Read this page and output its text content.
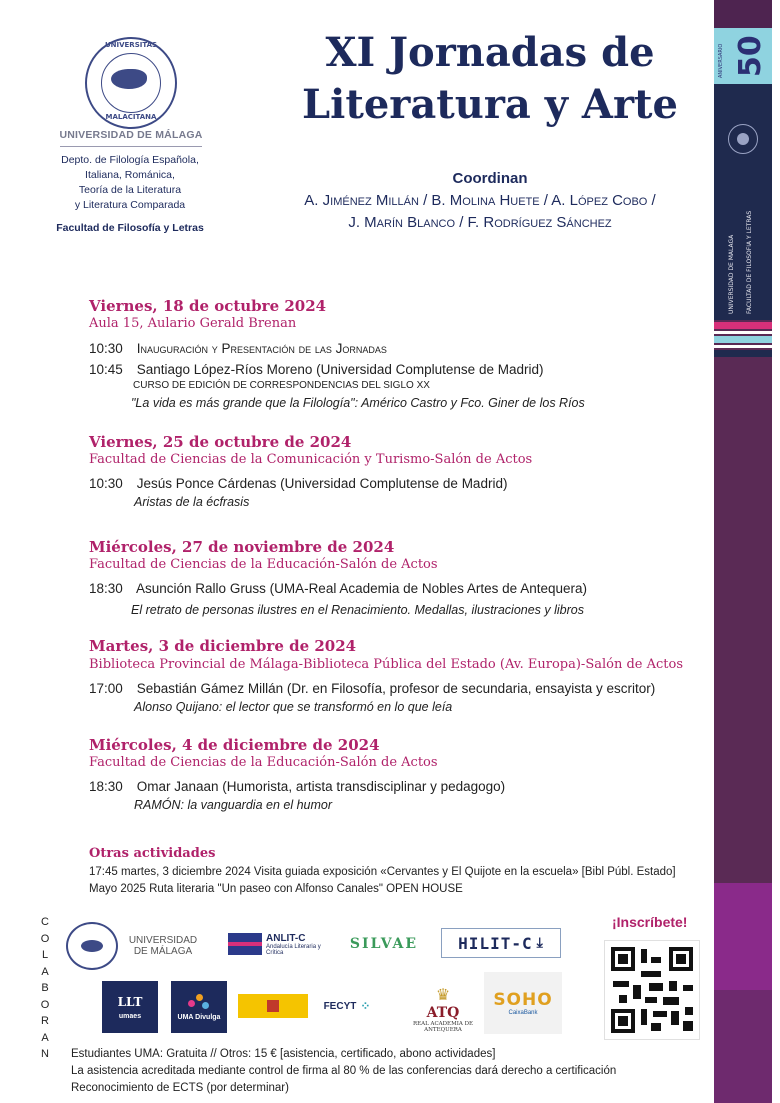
ANIVERSARIO 50
UNIVERSIDAD DE MÁLAGA	FACULTAD DE FILOSOFÍA Y LETRAS
UNIVERSITAS
MALACITANA
UNIVERSIDAD DE MÁLAGA
Depto. de Filología Española,
Italiana, Románica,
Teoría de la Literatura
y Literatura Comparada
Facultad de Filosofía y Letras
XI Jornadas de
Literatura y Arte
Coordinan
A. Jiménez Millán / B. Molina Huete / A. López Cobo /
J. Marín Blanco / F. Rodríguez Sánchez
Viernes, 18 de octubre 2024
Aula 15, Aulario Gerald Brenan
10:30 Inauguración y Presentación de las Jornadas
10:45 Santiago López-Ríos Moreno (Universidad Complutense de Madrid)
CURSO DE EDICIÓN DE CORRESPONDENCIAS DEL SIGLO XX
"La vida es más grande que la Filología": Américo Castro y Fco. Giner de los Ríos
Viernes, 25 de octubre de 2024
Facultad de Ciencias de la Comunicación y Turismo-Salón de Actos
10:30 Jesús Ponce Cárdenas (Universidad Complutense de Madrid)
Aristas de la écfrasis
Miércoles, 27 de noviembre de 2024
Facultad de Ciencias de la Educación-Salón de Actos
18:30 Asunción Rallo Gruss (UMA-Real Academia de Nobles Artes de Antequera)
El retrato de personas ilustres en el Renacimiento. Medallas, ilustraciones y libros
Martes, 3 de diciembre de 2024
Biblioteca Provincial de Málaga-Biblioteca Pública del Estado (Av. Europa)-Salón de Actos
17:00 Sebastián Gámez Millán (Dr. en Filosofía, profesor de secundaria, ensayista y escritor)
Alonso Quijano: el lector que se transformó en lo que leía
Miércoles, 4 de diciembre de 2024
Facultad de Ciencias de la Educación-Salón de Actos
18:30 Omar Janaan (Humorista, artista transdisciplinar y pedagogo)
RAMÓN: la vanguardia en el humor
Otras actividades
17:45 martes, 3 diciembre 2024 Visita guiada exposición «Cervantes y El Quijote en la escuela» [Bibl Públ. Estado]
Mayo 2025 Ruta literaria "Un paseo con Alfonso Canales" OPEN HOUSE
C
O
L
A
B
O
R
A
N
UNIVERSIDAD DE MÁLAGA
ANLIT-C
Andalucía Literaria y Crítica
SILVAE	HILIT-C ⤓
LLT
umaes	UMA Divulga
FECYT ⁘
♛
ATQ
REAL ACADEMIA DE ANTEQUERA
SOHO
CaixaBank
¡Inscríbete!
Estudiantes UMA: Gratuita // Otros: 15 € [asistencia, certificado, abono actividades]
La asistencia acreditada mediante control de firma al 80 % de las conferencias dará derecho a certificación
Reconocimiento de ECTS (por determinar)
